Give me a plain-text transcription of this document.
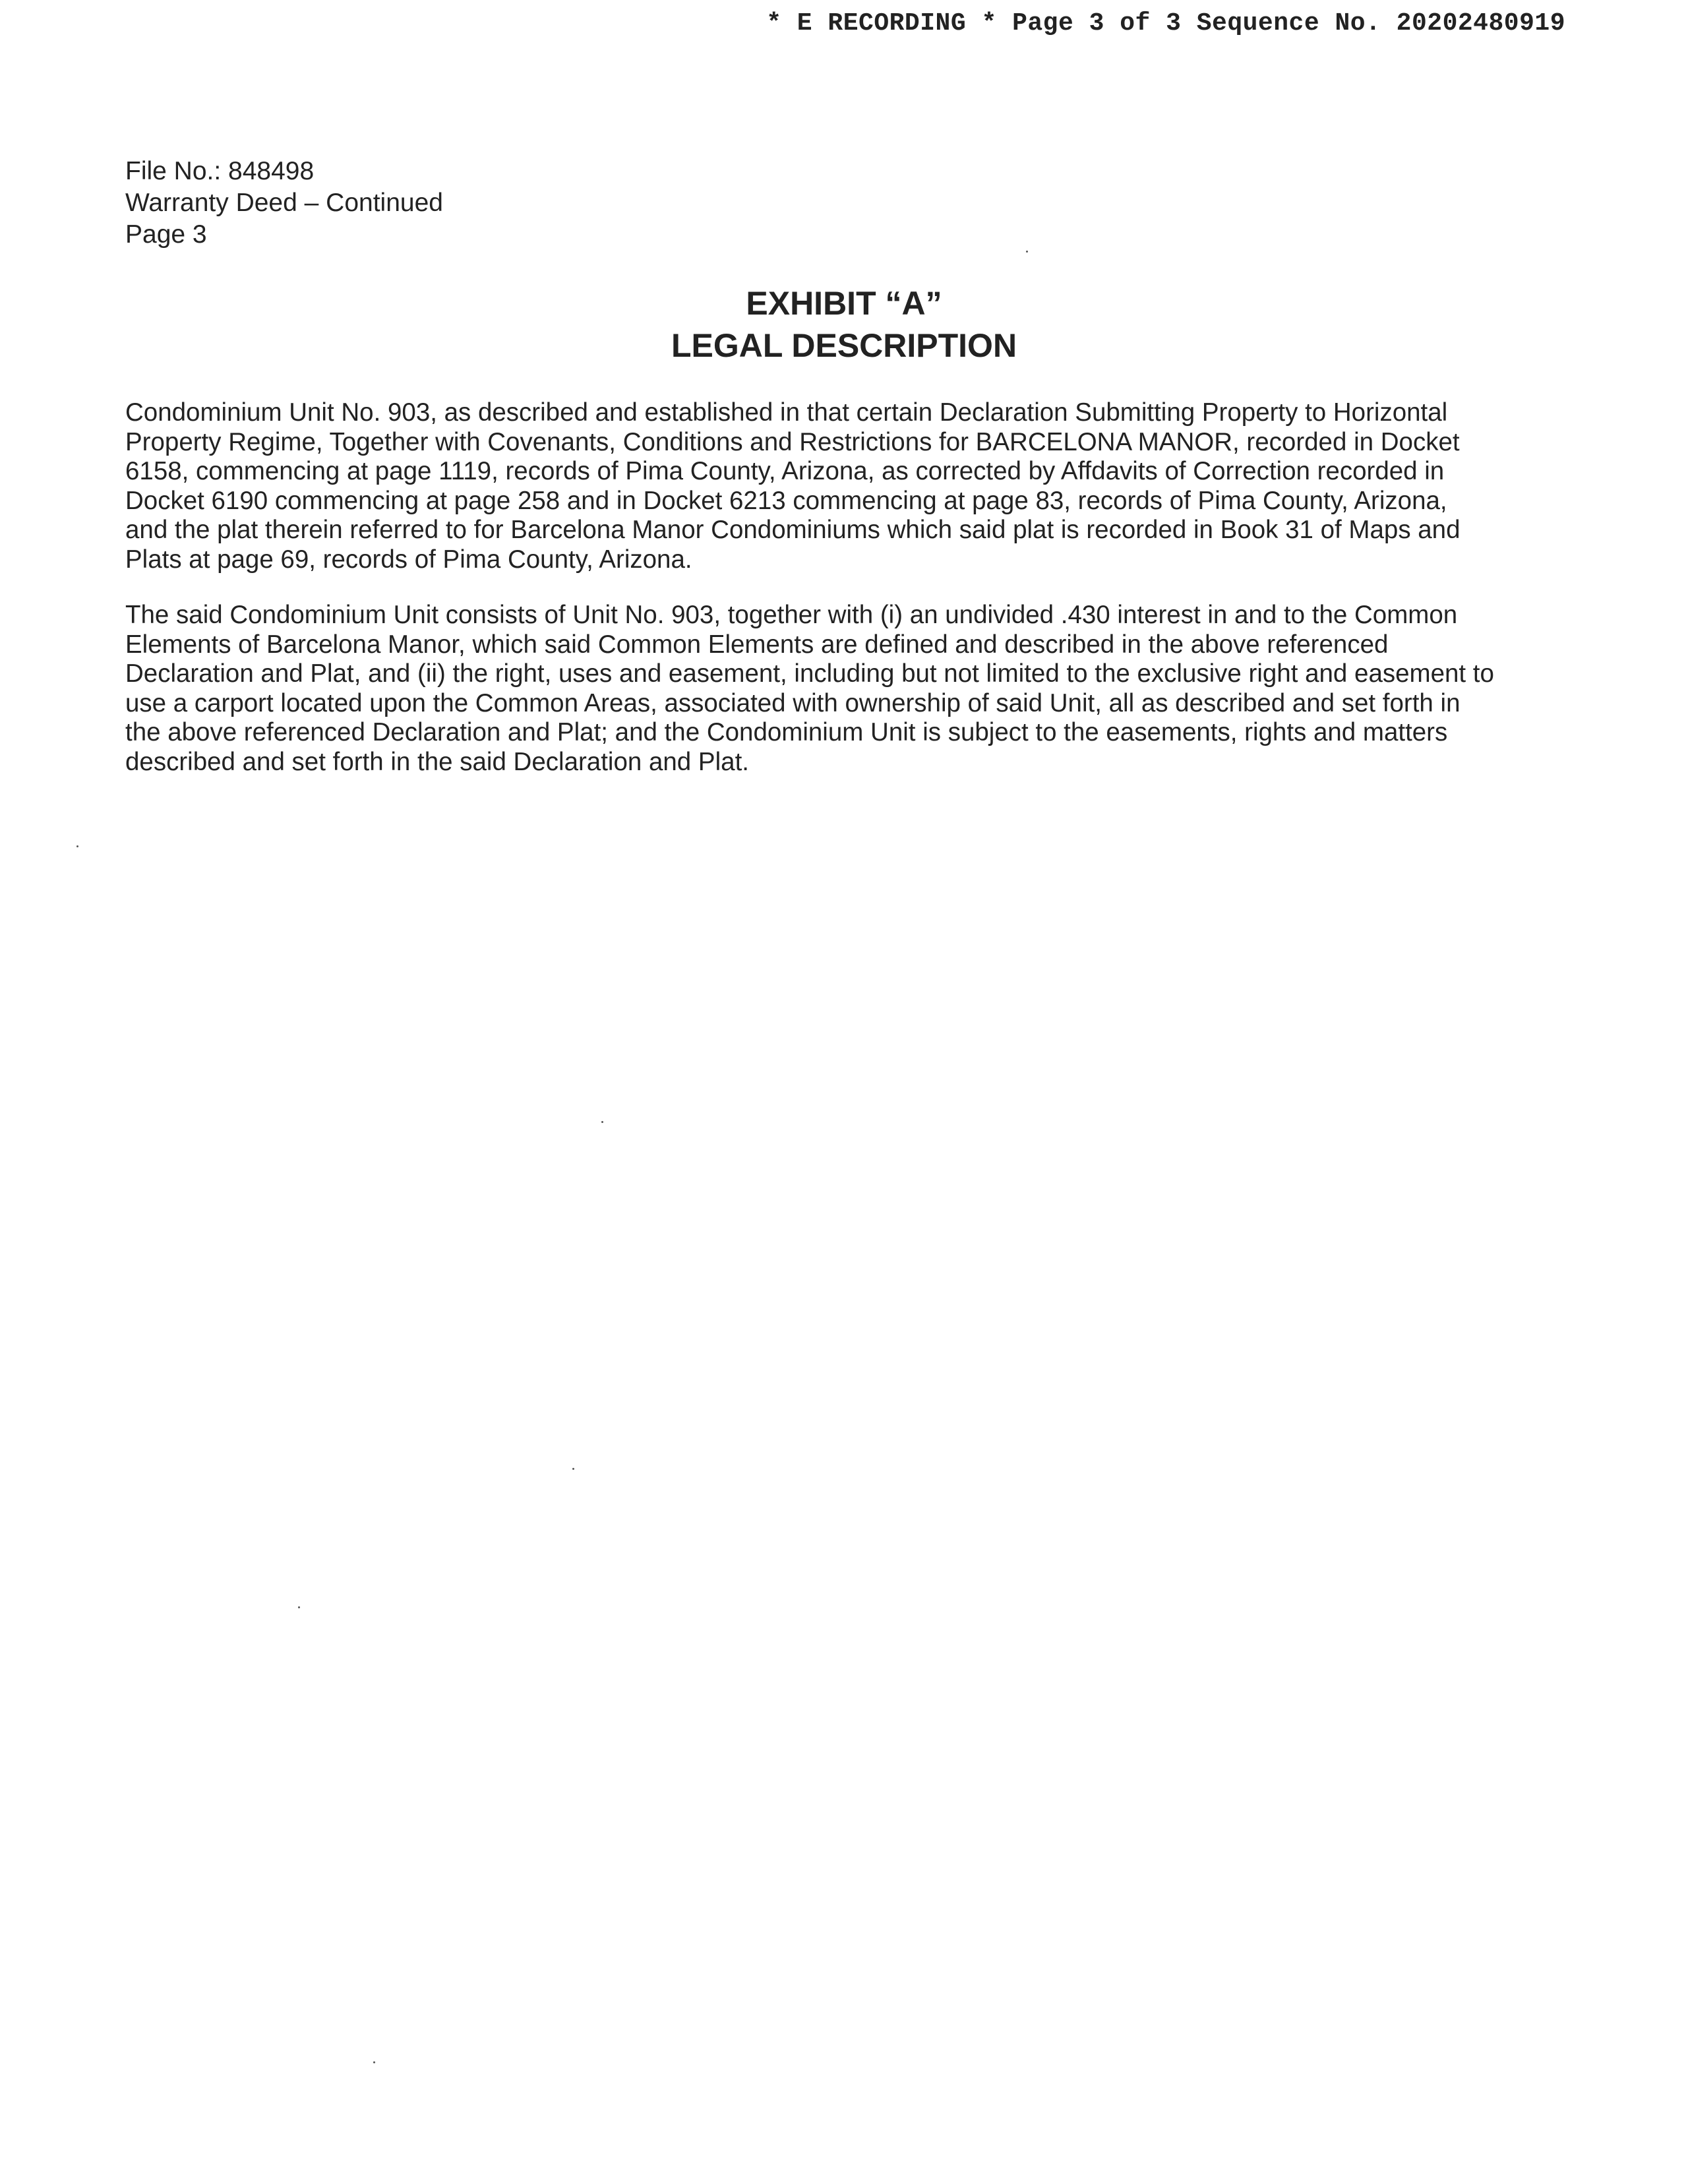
* E RECORDING * Page 3 of 3 Sequence No. 20202480919
File No.: 848498
Warranty Deed – Continued
Page 3
EXHIBIT “A”
LEGAL DESCRIPTION

Condominium Unit No. 903, as described and established in that certain Declaration Submitting Property to Horizontal
Property Regime, Together with Covenants, Conditions and Restrictions for BARCELONA MANOR, recorded in Docket
6158, commencing at page 1119, records of Pima County, Arizona, as corrected by Affdavits of Correction recorded in
Docket 6190 commencing at page 258 and in Docket 6213 commencing at page 83, records of Pima County, Arizona,
and the plat therein referred to for Barcelona Manor Condominiums which said plat is recorded in Book 31 of Maps and
Plats at page 69, records of Pima County, Arizona.

The said Condominium Unit consists of Unit No. 903, together with (i) an undivided .430 interest in and to the Common
Elements of Barcelona Manor, which said Common Elements are defined and described in the above referenced
Declaration and Plat, and (ii) the right, uses and easement, including but not limited to the exclusive right and easement to
use a carport located upon the Common Areas, associated with ownership of said Unit, all as described and set forth in
the above referenced Declaration and Plat; and the Condominium Unit is subject to the easements, rights and matters
described and set forth in the said Declaration and Plat.
